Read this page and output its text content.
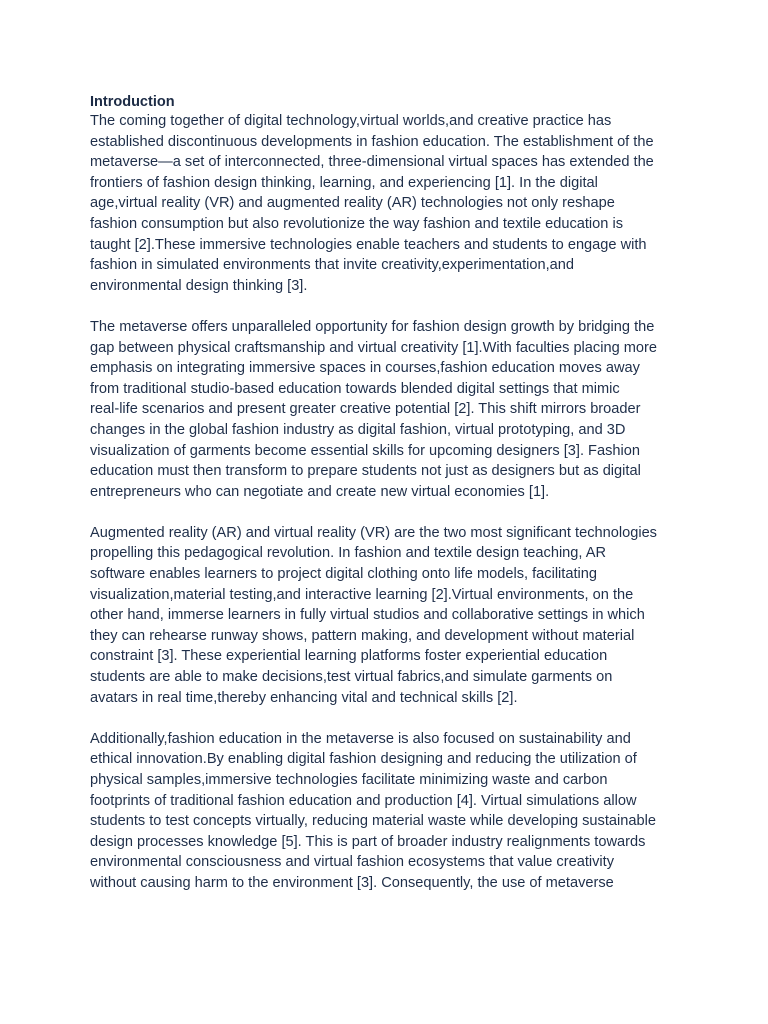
Introduction

The coming together of digital technology,virtual worlds,and creative practice has
established discontinuous developments in fashion education. The establishment of the
metaverse—a set of interconnected, three-dimensional virtual spaces has extended the
frontiers of fashion design thinking, learning, and experiencing [1]. In the digital
age,virtual reality (VR) and augmented reality (AR) technologies not only reshape
fashion consumption but also revolutionize the way fashion and textile education is
taught [2].These immersive technologies enable teachers and students to engage with
fashion in simulated environments that invite creativity,experimentation,and
environmental design thinking [3].

The metaverse offers unparalleled opportunity for fashion design growth by bridging the
gap between physical craftsmanship and virtual creativity [1].With faculties placing more
emphasis on integrating immersive spaces in courses,fashion education moves away
from traditional studio-based education towards blended digital settings that mimic
real-life scenarios and present greater creative potential [2]. This shift mirrors broader
changes in the global fashion industry as digital fashion, virtual prototyping, and 3D
visualization of garments become essential skills for upcoming designers [3]. Fashion
education must then transform to prepare students not just as designers but as digital
entrepreneurs who can negotiate and create new virtual economies [1].

Augmented reality (AR) and virtual reality (VR) are the two most significant technologies
propelling this pedagogical revolution. In fashion and textile design teaching, AR
software enables learners to project digital clothing onto life models, facilitating
visualization,material testing,and interactive learning [2].Virtual environments, on the
other hand, immerse learners in fully virtual studios and collaborative settings in which
they can rehearse runway shows, pattern making, and development without material
constraint [3]. These experiential learning platforms foster experiential education
students are able to make decisions,test virtual fabrics,and simulate garments on
avatars in real time,thereby enhancing vital and technical skills [2].

Additionally,fashion education in the metaverse is also focused on sustainability and
ethical innovation.By enabling digital fashion designing and reducing the utilization of
physical samples,immersive technologies facilitate minimizing waste and carbon
footprints of traditional fashion education and production [4]. Virtual simulations allow
students to test concepts virtually, reducing material waste while developing sustainable
design processes knowledge [5]. This is part of broader industry realignments towards
environmental consciousness and virtual fashion ecosystems that value creativity
without causing harm to the environment [3]. Consequently, the use of metaverse
